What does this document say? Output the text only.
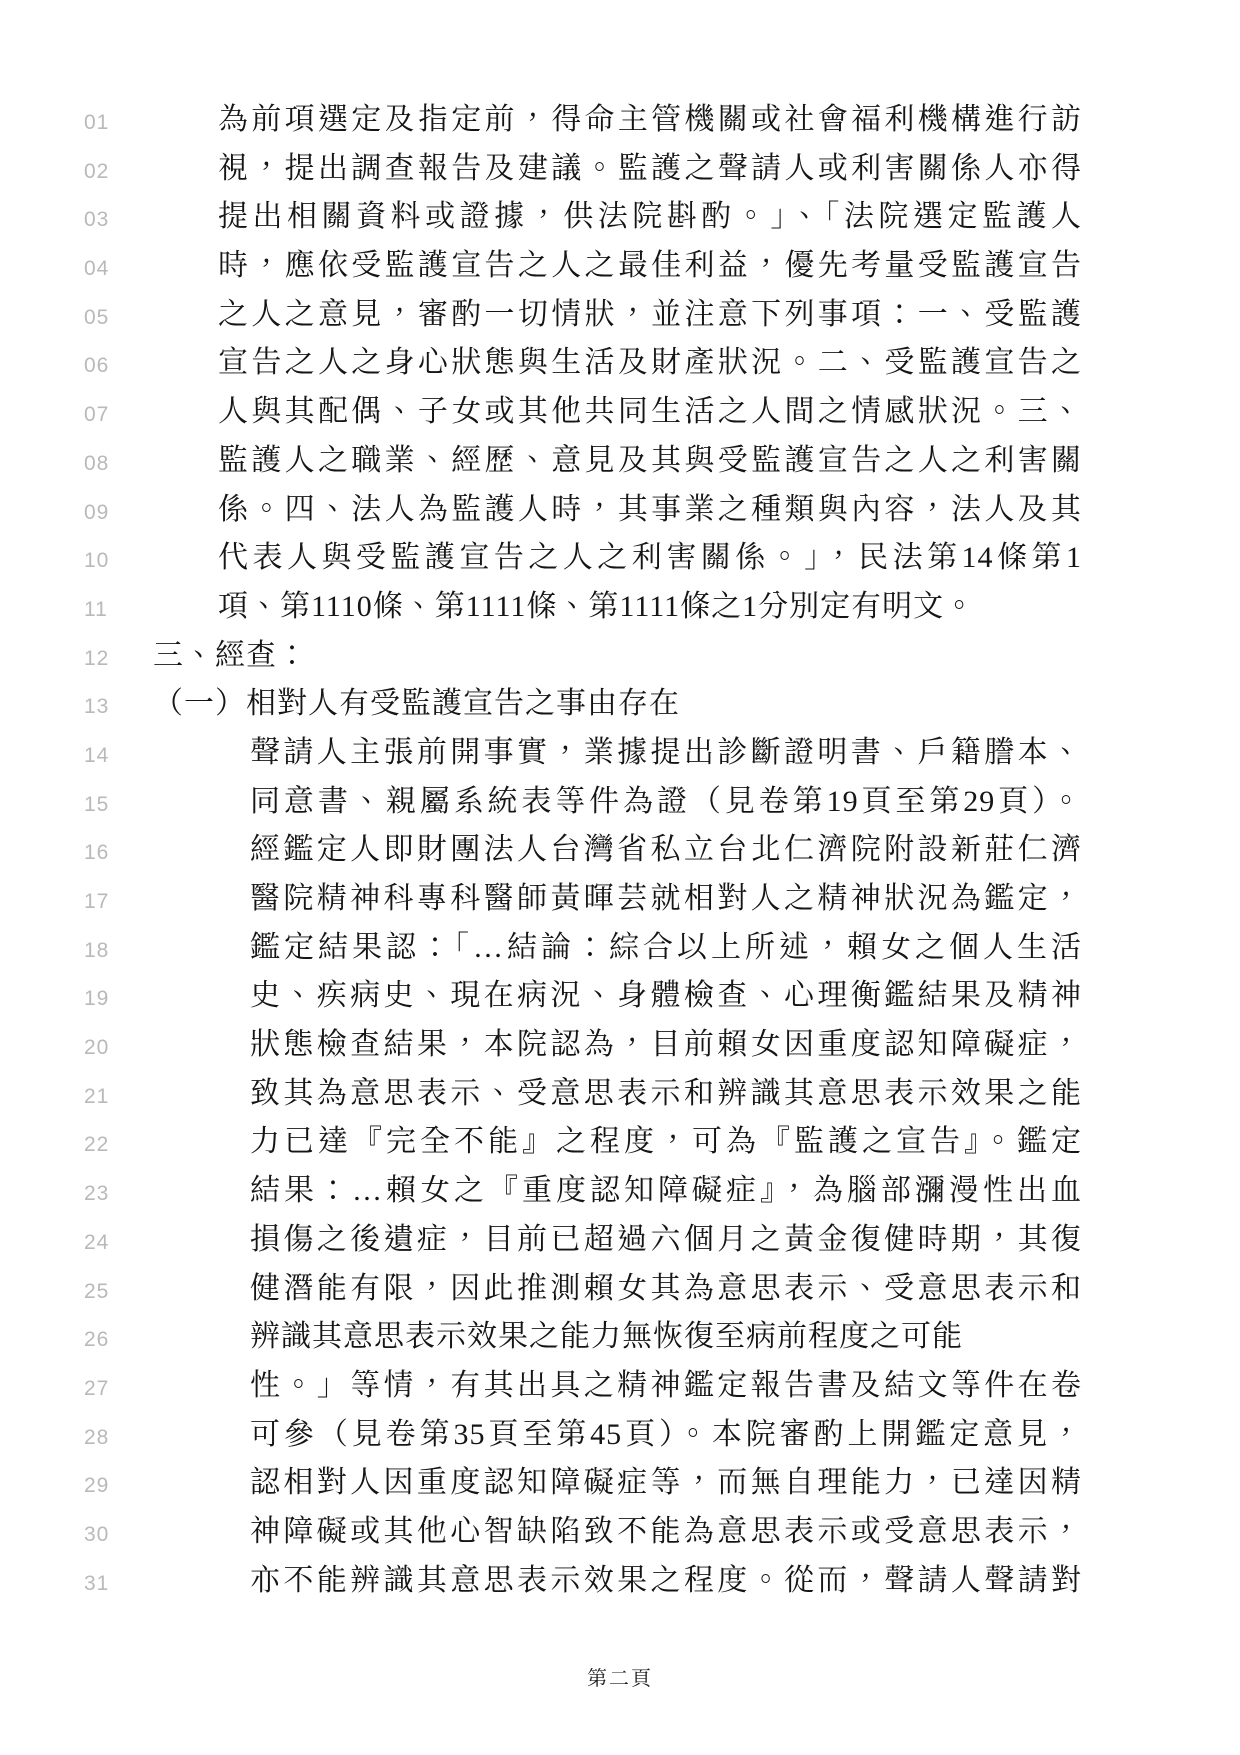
01	為前項選定及指定前，得命主管機關或社會福利機構進行訪
02	視，提出調查報告及建議。監護之聲請人或利害關係人亦得
03	提出相關資料或證據，供法院斟酌。」、「法院選定監護人
04	時，應依受監護宣告之人之最佳利益，優先考量受監護宣告
05	之人之意見，審酌一切情狀，並注意下列事項：一、受監護
06	宣告之人之身心狀態與生活及財產狀況。二、受監護宣告之
07	人與其配偶、子女或其他共同生活之人間之情感狀況。三、
08	監護人之職業、經歷、意見及其與受監護宣告之人之利害關
09	係。四、法人為監護人時，其事業之種類與內容，法人及其
10	代表人與受監護宣告之人之利害關係。」，民法第14條第1
11	項、第1110條、第1111條、第1111條之1分別定有明文。
12 三、經查：
13 （一）相對人有受監護宣告之事由存在
14	聲請人主張前開事實，業據提出診斷證明書、戶籍謄本、
15	同意書、親屬系統表等件為證（見卷第19頁至第29頁）。
16	經鑑定人即財團法人台灣省私立台北仁濟院附設新莊仁濟
17	醫院精神科專科醫師黃暉芸就相對人之精神狀況為鑑定，
18	鑑定結果認：「…結論：綜合以上所述，賴女之個人生活
19	史、疾病史、現在病況、身體檢查、心理衡鑑結果及精神
20	狀態檢查結果，本院認為，目前賴女因重度認知障礙症，
21	致其為意思表示、受意思表示和辨識其意思表示效果之能
22	力已達『完全不能』之程度，可為『監護之宣告』。鑑定
23	結果：…賴女之『重度認知障礙症』，為腦部瀰漫性出血
24	損傷之後遺症，目前已超過六個月之黃金復健時期，其復
25	健潛能有限，因此推測賴女其為意思表示、受意思表示和
26	辨識其意思表示效果之能力無恢復至病前程度之可能
27	性。」等情，有其出具之精神鑑定報告書及結文等件在卷
28	可參（見卷第35頁至第45頁）。本院審酌上開鑑定意見，
29	認相對人因重度認知障礙症等，而無自理能力，已達因精
30	神障礙或其他心智缺陷致不能為意思表示或受意思表示，
31	亦不能辨識其意思表示效果之程度。從而，聲請人聲請對
第二頁
